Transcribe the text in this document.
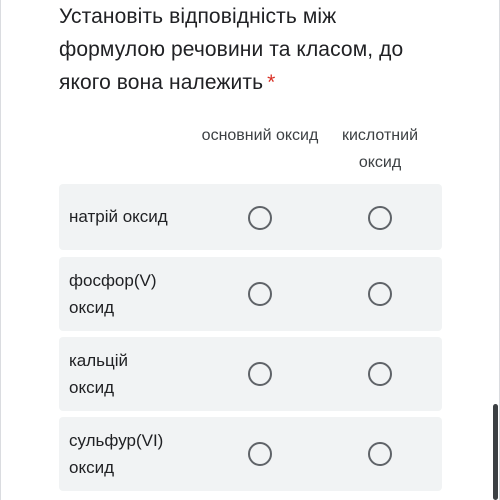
Установіть відповідність між формулою речовини та класом, до якого вона належить *
основний оксид	кислотний оксид
натрій оксид
фосфор(V) оксид
кальцій оксид
сульфур(VI) оксид
